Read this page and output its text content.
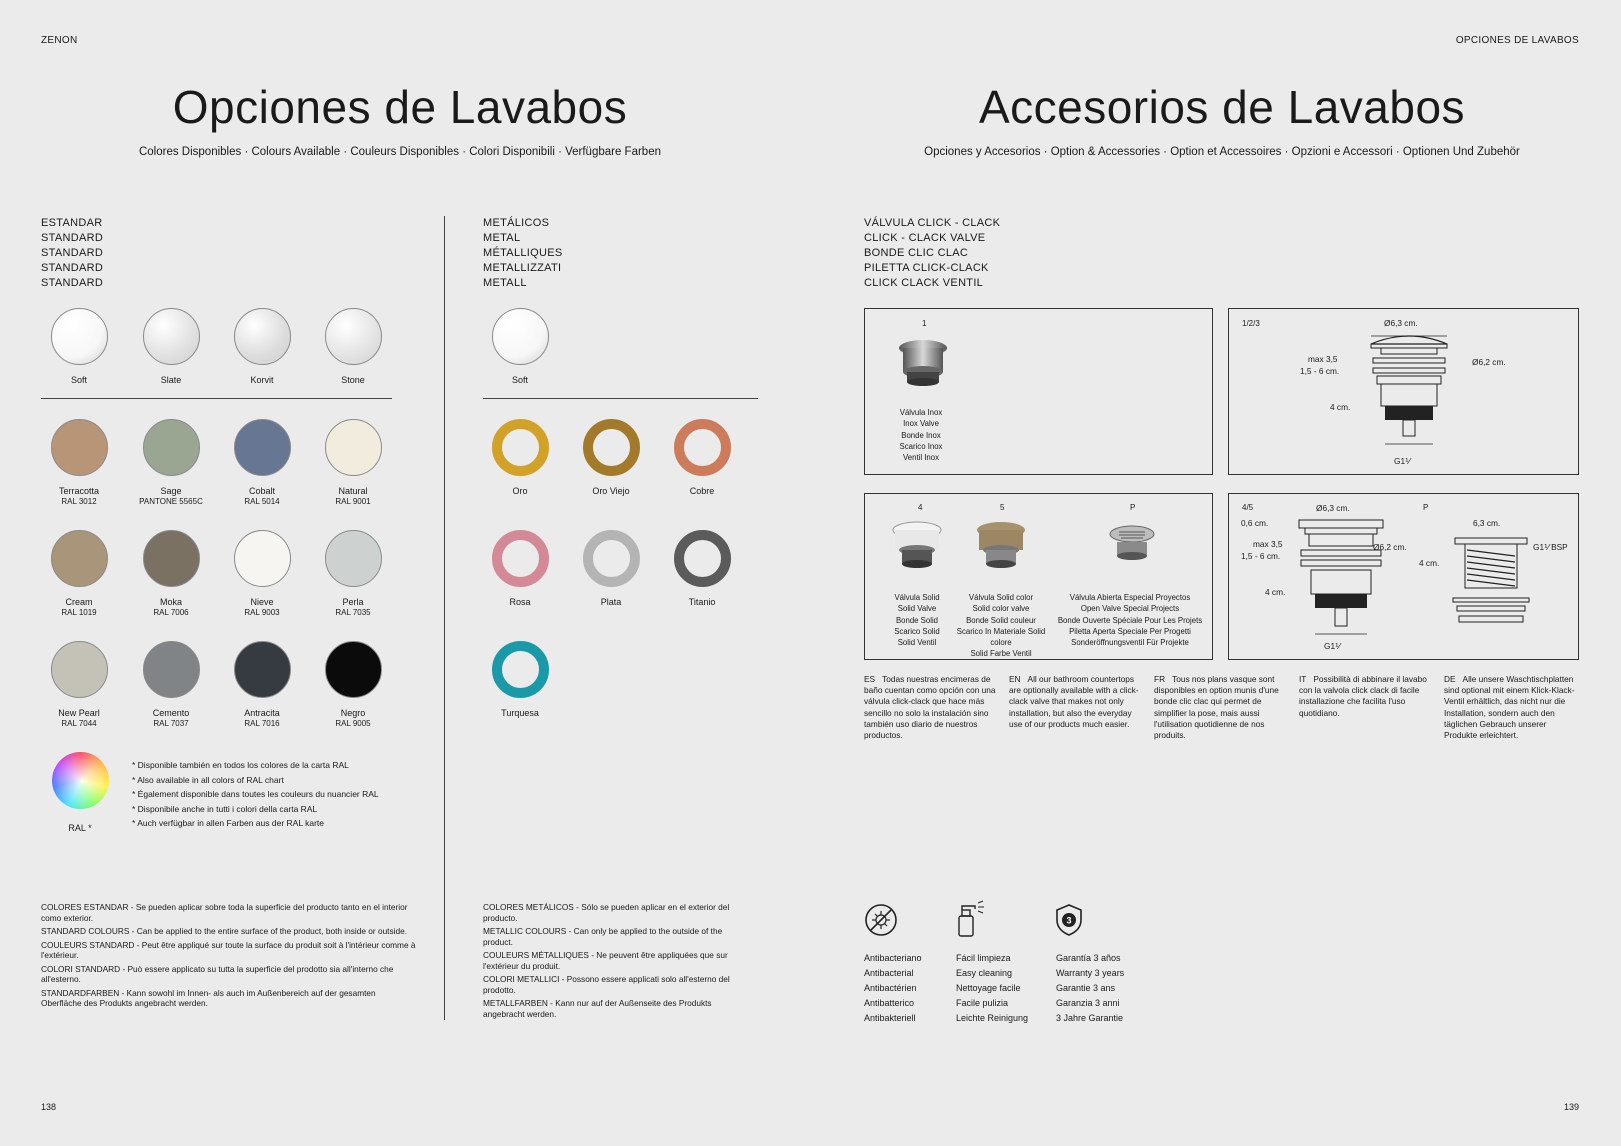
ZENON	OPCIONES DE LAVABOS
Opciones de Lavabos
Colores Disponibles · Colours Available · Couleurs Disponibles · Colori Disponibili · Verfügbare Farben
Accesorios de Lavabos
Opciones y Accesorios · Option & Accessories · Option et Accessoires · Opzioni e Accessori · Optionen Und Zubehör
ESTANDAR
STANDARD
STANDARD
STANDARD
STANDARD
METÁLICOS
METAL
MÉTALLIQUES
METALLIZZATI
METALL
Soft	Slate	Korvit	Stone
Terracotta
RAL 3012
Sage
PANTONE 5565C
Cobalt
RAL 5014
Natural
RAL 9001
Cream
RAL 1019
Moka
RAL 7006
Nieve
RAL 9003
Perla
RAL 7035
New Pearl
RAL 7044
Cemento
RAL 7037
Antracita
RAL 7016
Negro
RAL 9005
RAL *
* Disponible también en todos los colores de la carta RAL
* Also available in all colors of RAL chart
* Également disponible dans toutes les couleurs du nuancier RAL
* Disponibile anche in tutti i colori della carta RAL
* Auch verfügbar in allen Farben aus der RAL karte
Soft
Oro	Oro Viejo	Cobre
Rosa	Plata	Titanio
Turquesa

COLORES ESTANDAR - Se pueden aplicar sobre toda la superficie del producto tanto en el interior como exterior.

STANDARD COLOURS - Can be applied to the entire surface of the product, both inside or outside.

COULEURS STANDARD - Peut être appliqué sur toute la surface du produit soit à l'intérieur comme à l'extérieur.

COLORI STANDARD - Può essere applicato su tutta la superficie del prodotto sia all'interno che all'esterno.

STANDARDFARBEN - Kann sowohl im Innen- als auch im Außenbereich auf der gesamten Oberfläche des Produkts angebracht werden.

COLORES METÁLICOS - Sólo se pueden aplicar en el exterior del producto.

METALLIC COLOURS - Can only be applied to the outside of the product.

COULEURS MÉTALLIQUES - Ne peuvent être appliquées que sur l'extérieur du produit.

COLORI METALLICI - Possono essere applicati solo all'esterno del prodotto.

METALLFARBEN - Kann nur auf der Außenseite des Produkts angebracht werden.

138	139
VÁLVULA CLICK - CLACK
CLICK - CLACK VALVE
BONDE CLIC CLAC
PILETTA CLICK-CLACK
CLICK CLACK VENTIL
1
Válvula Inox
Inox Valve
Bonde Inox
Scarico Inox
Ventil Inox
1/2/3	Ø6,3 cm.
max 3,5
1,5 - 6 cm.
Ø6,2 cm.
4 cm.
G1⅟
4	5	P
Válvula Solid
Solid Valve
Bonde Solid
Scarico Solid
Solid Ventil
Válvula Solid color
Solid color valve
Bonde Solid couleur
Scarico In Materiale Solid colore
Solid Farbe Ventil
Válvula Abierta Especial Proyectos
Open Valve Special Projects
Bonde Ouverte Spéciale Pour Les Projets
Piletta Aperta Speciale Per Progetti
Sonderöffnungsventil Für Projekte
4/5	P
Ø6,3 cm.
0,6 cm.
max 3,5
1,5 - 6 cm.
Ø6,2 cm.
4 cm.
G1⅟
6,3 cm.
4 cm.
G1⅟ BSP
ES Todas nuestras encimeras de baño cuentan como opción con una válvula click-clack que hace más sencillo no solo la instalación sino también uso diario de nuestros productos.
EN All our bathroom countertops are optionally available with a click-clack valve that makes not only installation, but also the everyday use of our products much easier.
FR Tous nos plans vasque sont disponibles en option munis d'une bonde clic clac qui permet de simplifier la pose, mais aussi l'utilisation quotidienne de nos produits.
IT Possibilità di abbinare il lavabo con la valvola click clack di facile installazione che facilita l'uso quotidiano.
DE Alle unsere Waschtischplatten sind optional mit einem Klick-Klack-Ventil erhältlich, das nicht nur die Installation, sondern auch den täglichen Gebrauch unserer Produkte erleichtert.
3
Antibacteriano
Antibacterial
Antibactérien
Antibatterico
Antibakteriell
Fácil limpieza
Easy cleaning
Nettoyage facile
Facile pulizia
Leichte Reinigung
Garantía 3 años
Warranty 3 years
Garantie 3 ans
Garanzia 3 anni
3 Jahre Garantie
